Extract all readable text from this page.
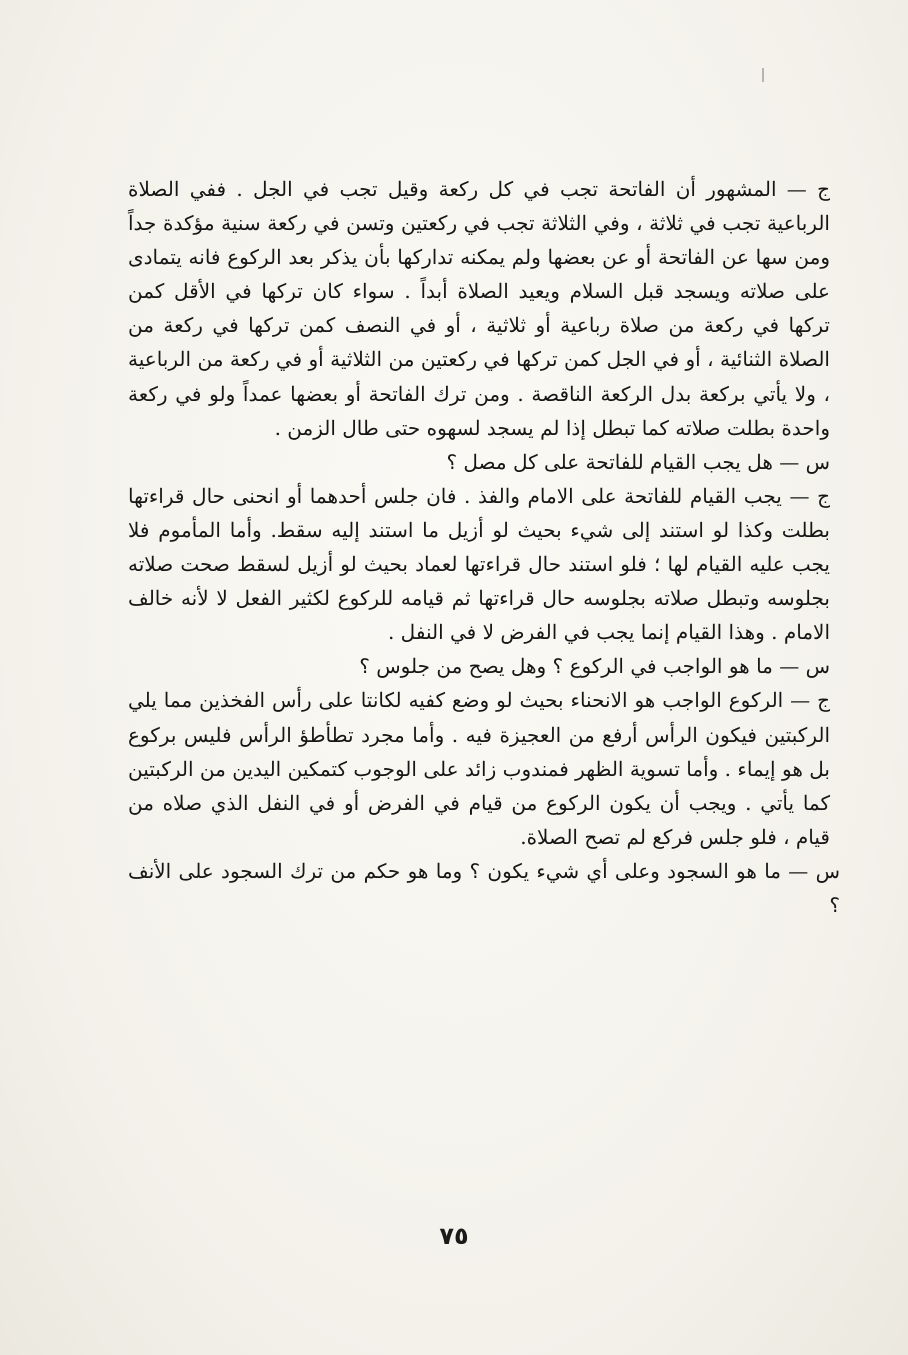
ج — المشهور أن الفاتحة تجب في كل ركعة وقيل تجب في الجل . ففي الصلاة الرباعية تجب في ثلاثة ، وفي الثلاثة تجب في ركعتين وتسن في ركعة سنية مؤكدة جداً ومن سها عن الفاتحة أو عن بعضها ولم يمكنه تداركها بأن يذكر بعد الركوع فانه يتمادى على صلاته ويسجد قبل السلام ويعيد الصلاة أبداً . سواء كان تركها في الأقل كمن تركها في ركعة من صلاة رباعية أو ثلاثية ، أو في النصف كمن تركها في ركعة من الصلاة الثنائية ، أو في الجل كمن تركها في ركعتين من الثلاثية أو في ركعة من الرباعية ، ولا يأتي بركعة بدل الركعة الناقصة . ومن ترك الفاتحة أو بعضها عمداً ولو في ركعة واحدة بطلت صلاته كما تبطل إذا لم يسجد لسهوه حتى طال الزمن .

س — هل يجب القيام للفاتحة على كل مصل ؟

ج — يجب القيام للفاتحة على الامام والفذ . فان جلس أحدهما أو انحنى حال قراءتها بطلت وكذا لو استند إلى شيء بحيث لو أزيل ما استند إليه سقط. وأما المأموم فلا يجب عليه القيام لها ؛ فلو استند حال قراءتها لعماد بحيث لو أزيل لسقط صحت صلاته بجلوسه وتبطل صلاته بجلوسه حال قراءتها ثم قيامه للركوع لكثير الفعل لا لأنه خالف الامام . وهذا القيام إنما يجب في الفرض لا في النفل .

س — ما هو الواجب في الركوع ؟ وهل يصح من جلوس ؟

ج — الركوع الواجب هو الانحناء بحيث لو وضع كفيه لكانتا على رأس الفخذين مما يلي الركبتين فيكون الرأس أرفع من العجيزة فيه . وأما مجرد تطأطؤ الرأس فليس بركوع بل هو إيماء . وأما تسوية الظهر فمندوب زائد على الوجوب كتمكين اليدين من الركبتين كما يأتي . ويجب أن يكون الركوع من قيام في الفرض أو في النفل الذي صلاه من قيام ، فلو جلس فركع لم تصح الصلاة.

س — ما هو السجود وعلى أي شيء يكون ؟ وما هو حكم من ترك السجود على الأنف ؟

٧٥
